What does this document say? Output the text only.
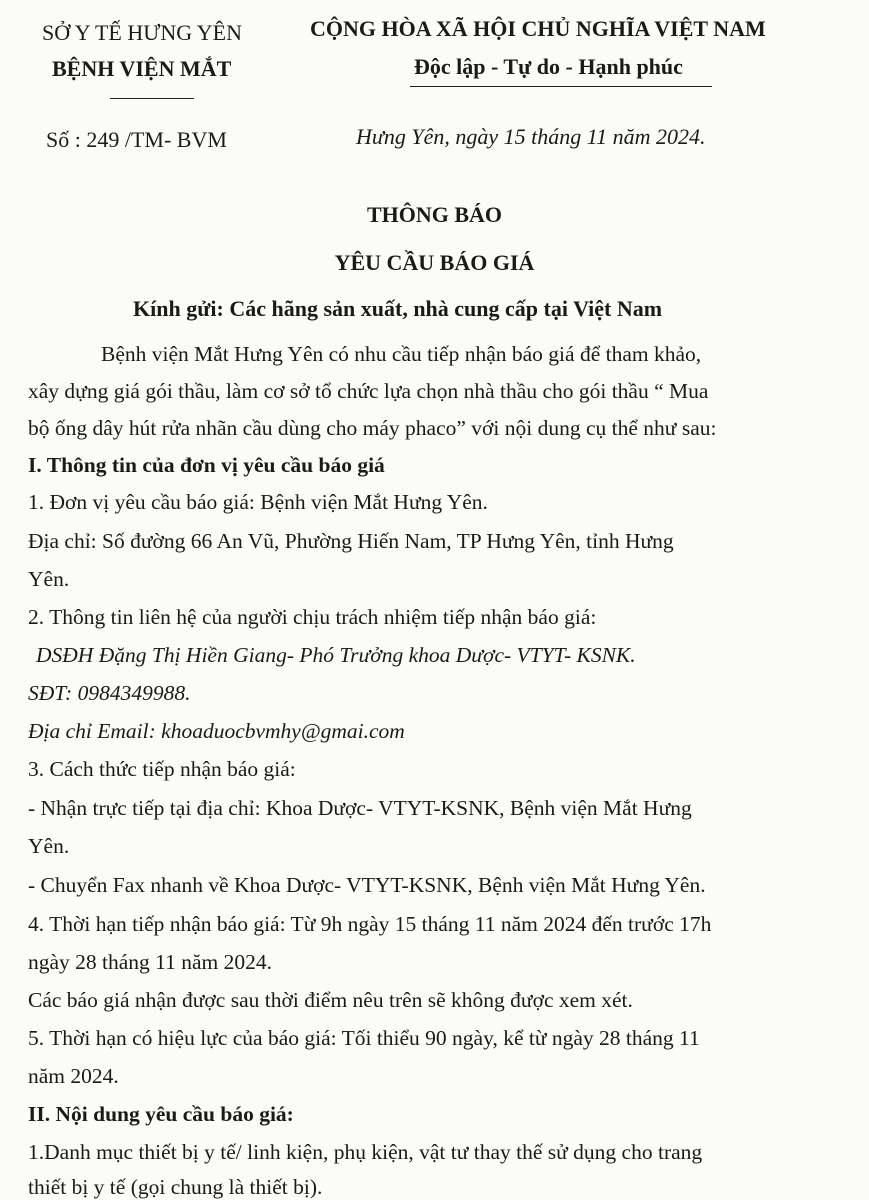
SỞ Y TẾ HƯNG YÊN
BỆNH VIỆN MẮT
CỘNG HÒA XÃ HỘI CHỦ NGHĨA VIỆT NAM
Độc lập - Tự do - Hạnh phúc
Số : 249 /TM- BVM	Hưng Yên, ngày 15 tháng 11 năm 2024.
THÔNG BÁO
YÊU CẦU BÁO GIÁ
Kính gửi: Các hãng sản xuất, nhà cung cấp tại Việt Nam
Bệnh viện Mắt Hưng Yên có nhu cầu tiếp nhận báo giá để tham khảo,
xây dựng giá gói thầu, làm cơ sở tổ chức lựa chọn nhà thầu cho gói thầu “ Mua
bộ ống dây hút rửa nhãn cầu dùng cho máy phaco” với nội dung cụ thể như sau:
I. Thông tin của đơn vị yêu cầu báo giá
1. Đơn vị yêu cầu báo giá: Bệnh viện Mắt Hưng Yên.
Địa chỉ: Số đường 66 An Vũ, Phường Hiến Nam, TP Hưng Yên, tỉnh Hưng
Yên.
2. Thông tin liên hệ của người chịu trách nhiệm tiếp nhận báo giá:
DSĐH Đặng Thị Hiền Giang- Phó Trưởng khoa Dược- VTYT- KSNK.
SĐT: 0984349988.
Địa chỉ Email: khoaduocbvmhy@gmai.com
3. Cách thức tiếp nhận báo giá:
- Nhận trực tiếp tại địa chỉ: Khoa Dược- VTYT-KSNK, Bệnh viện Mắt Hưng
Yên.
- Chuyển Fax nhanh về Khoa Dược- VTYT-KSNK, Bệnh viện Mắt Hưng Yên.
4. Thời hạn tiếp nhận báo giá: Từ 9h ngày 15 tháng 11 năm 2024 đến trước 17h
ngày 28 tháng 11 năm 2024.
Các báo giá nhận được sau thời điểm nêu trên sẽ không được xem xét.
5. Thời hạn có hiệu lực của báo giá: Tối thiểu 90 ngày, kể từ ngày 28 tháng 11
năm 2024.
II. Nội dung yêu cầu báo giá:
1.Danh mục thiết bị y tế/ linh kiện, phụ kiện, vật tư thay thế sử dụng cho trang
thiết bị y tế (gọi chung là thiết bị).
